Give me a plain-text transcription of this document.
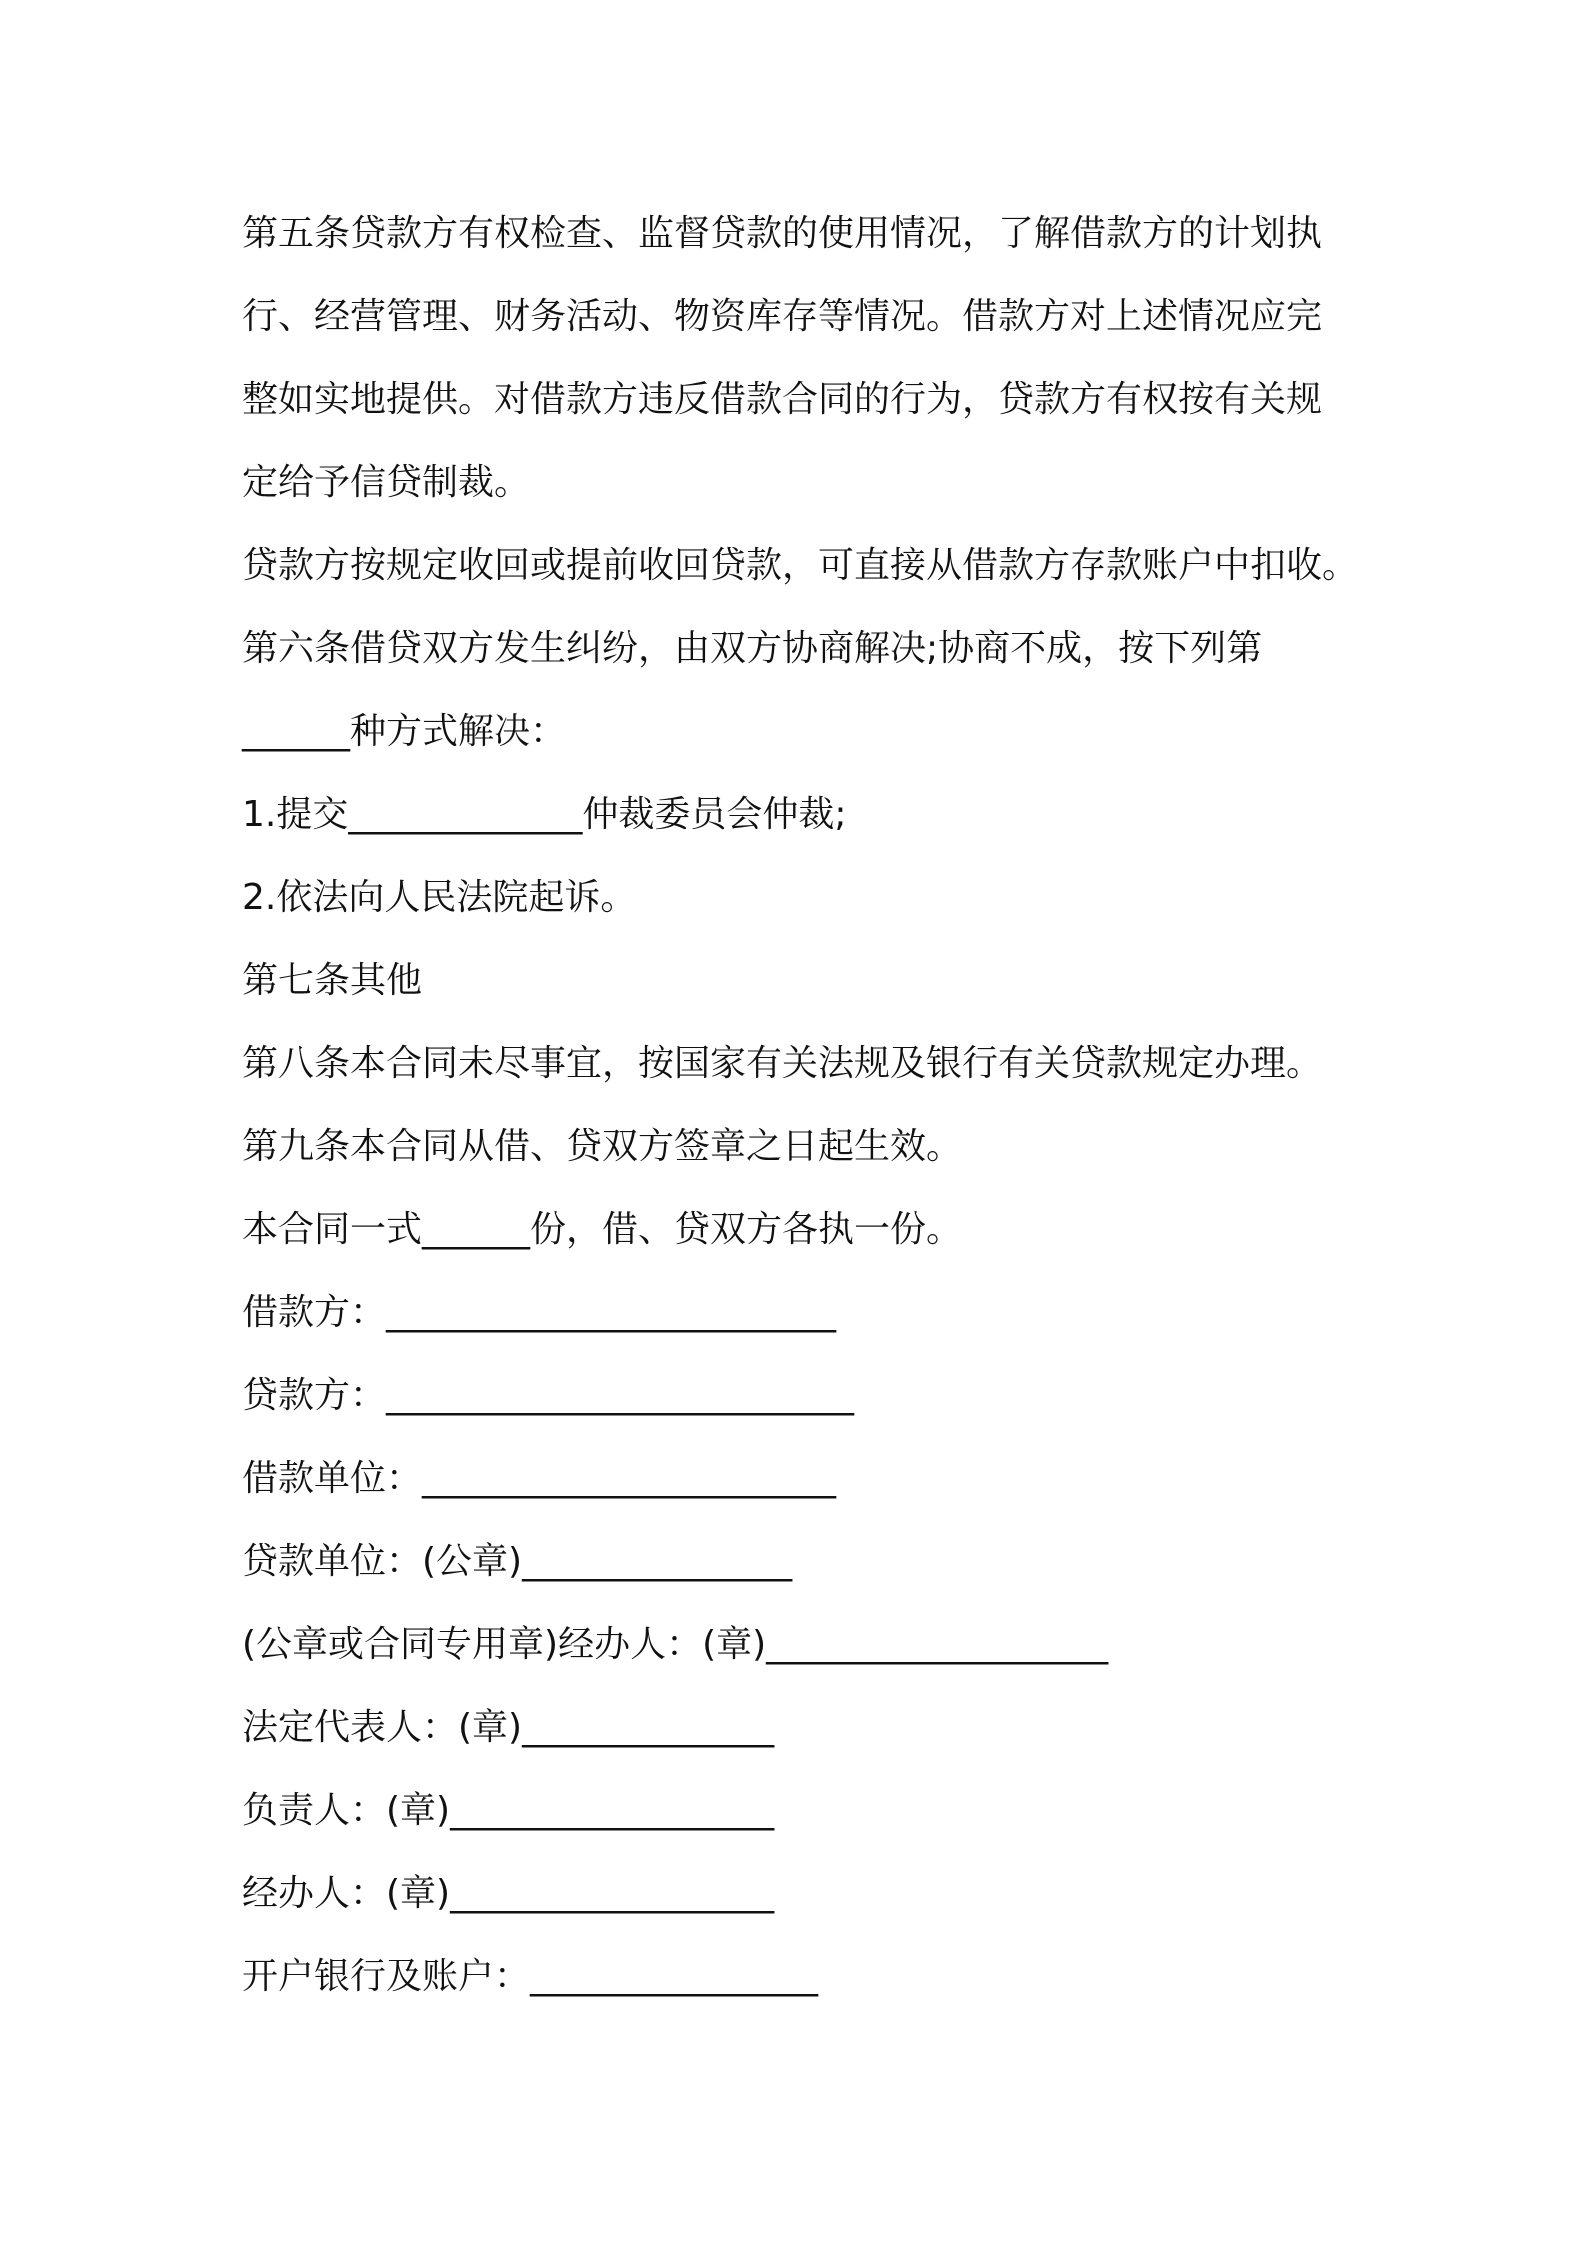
第五条贷款方有权检查、监督贷款的使用情况，了解借款方的计划执
行、经营管理、财务活动、物资库存等情况。借款方对上述情况应完
整如实地提供。对借款方违反借款合同的行为，贷款方有权按有关规
定给予信贷制裁。
贷款方按规定收回或提前收回贷款，可直接从借款方存款账户中扣收。
第六条借贷双方发生纠纷，由双方协商解决;协商不成，按下列第
______种方式解决：
1.提交_____________仲裁委员会仲裁;
2.依法向人民法院起诉。
第七条其他
第八条本合同未尽事宜，按国家有关法规及银行有关贷款规定办理。
第九条本合同从借、贷双方签章之日起生效。
本合同一式______份，借、贷双方各执一份。
借款方：_________________________
贷款方：__________________________
借款单位：_______________________
贷款单位：(公章)_______________
(公章或合同专用章)经办人：(章)___________________
法定代表人：(章)______________
负责人：(章)__________________
经办人：(章)__________________
开户银行及账户：________________
